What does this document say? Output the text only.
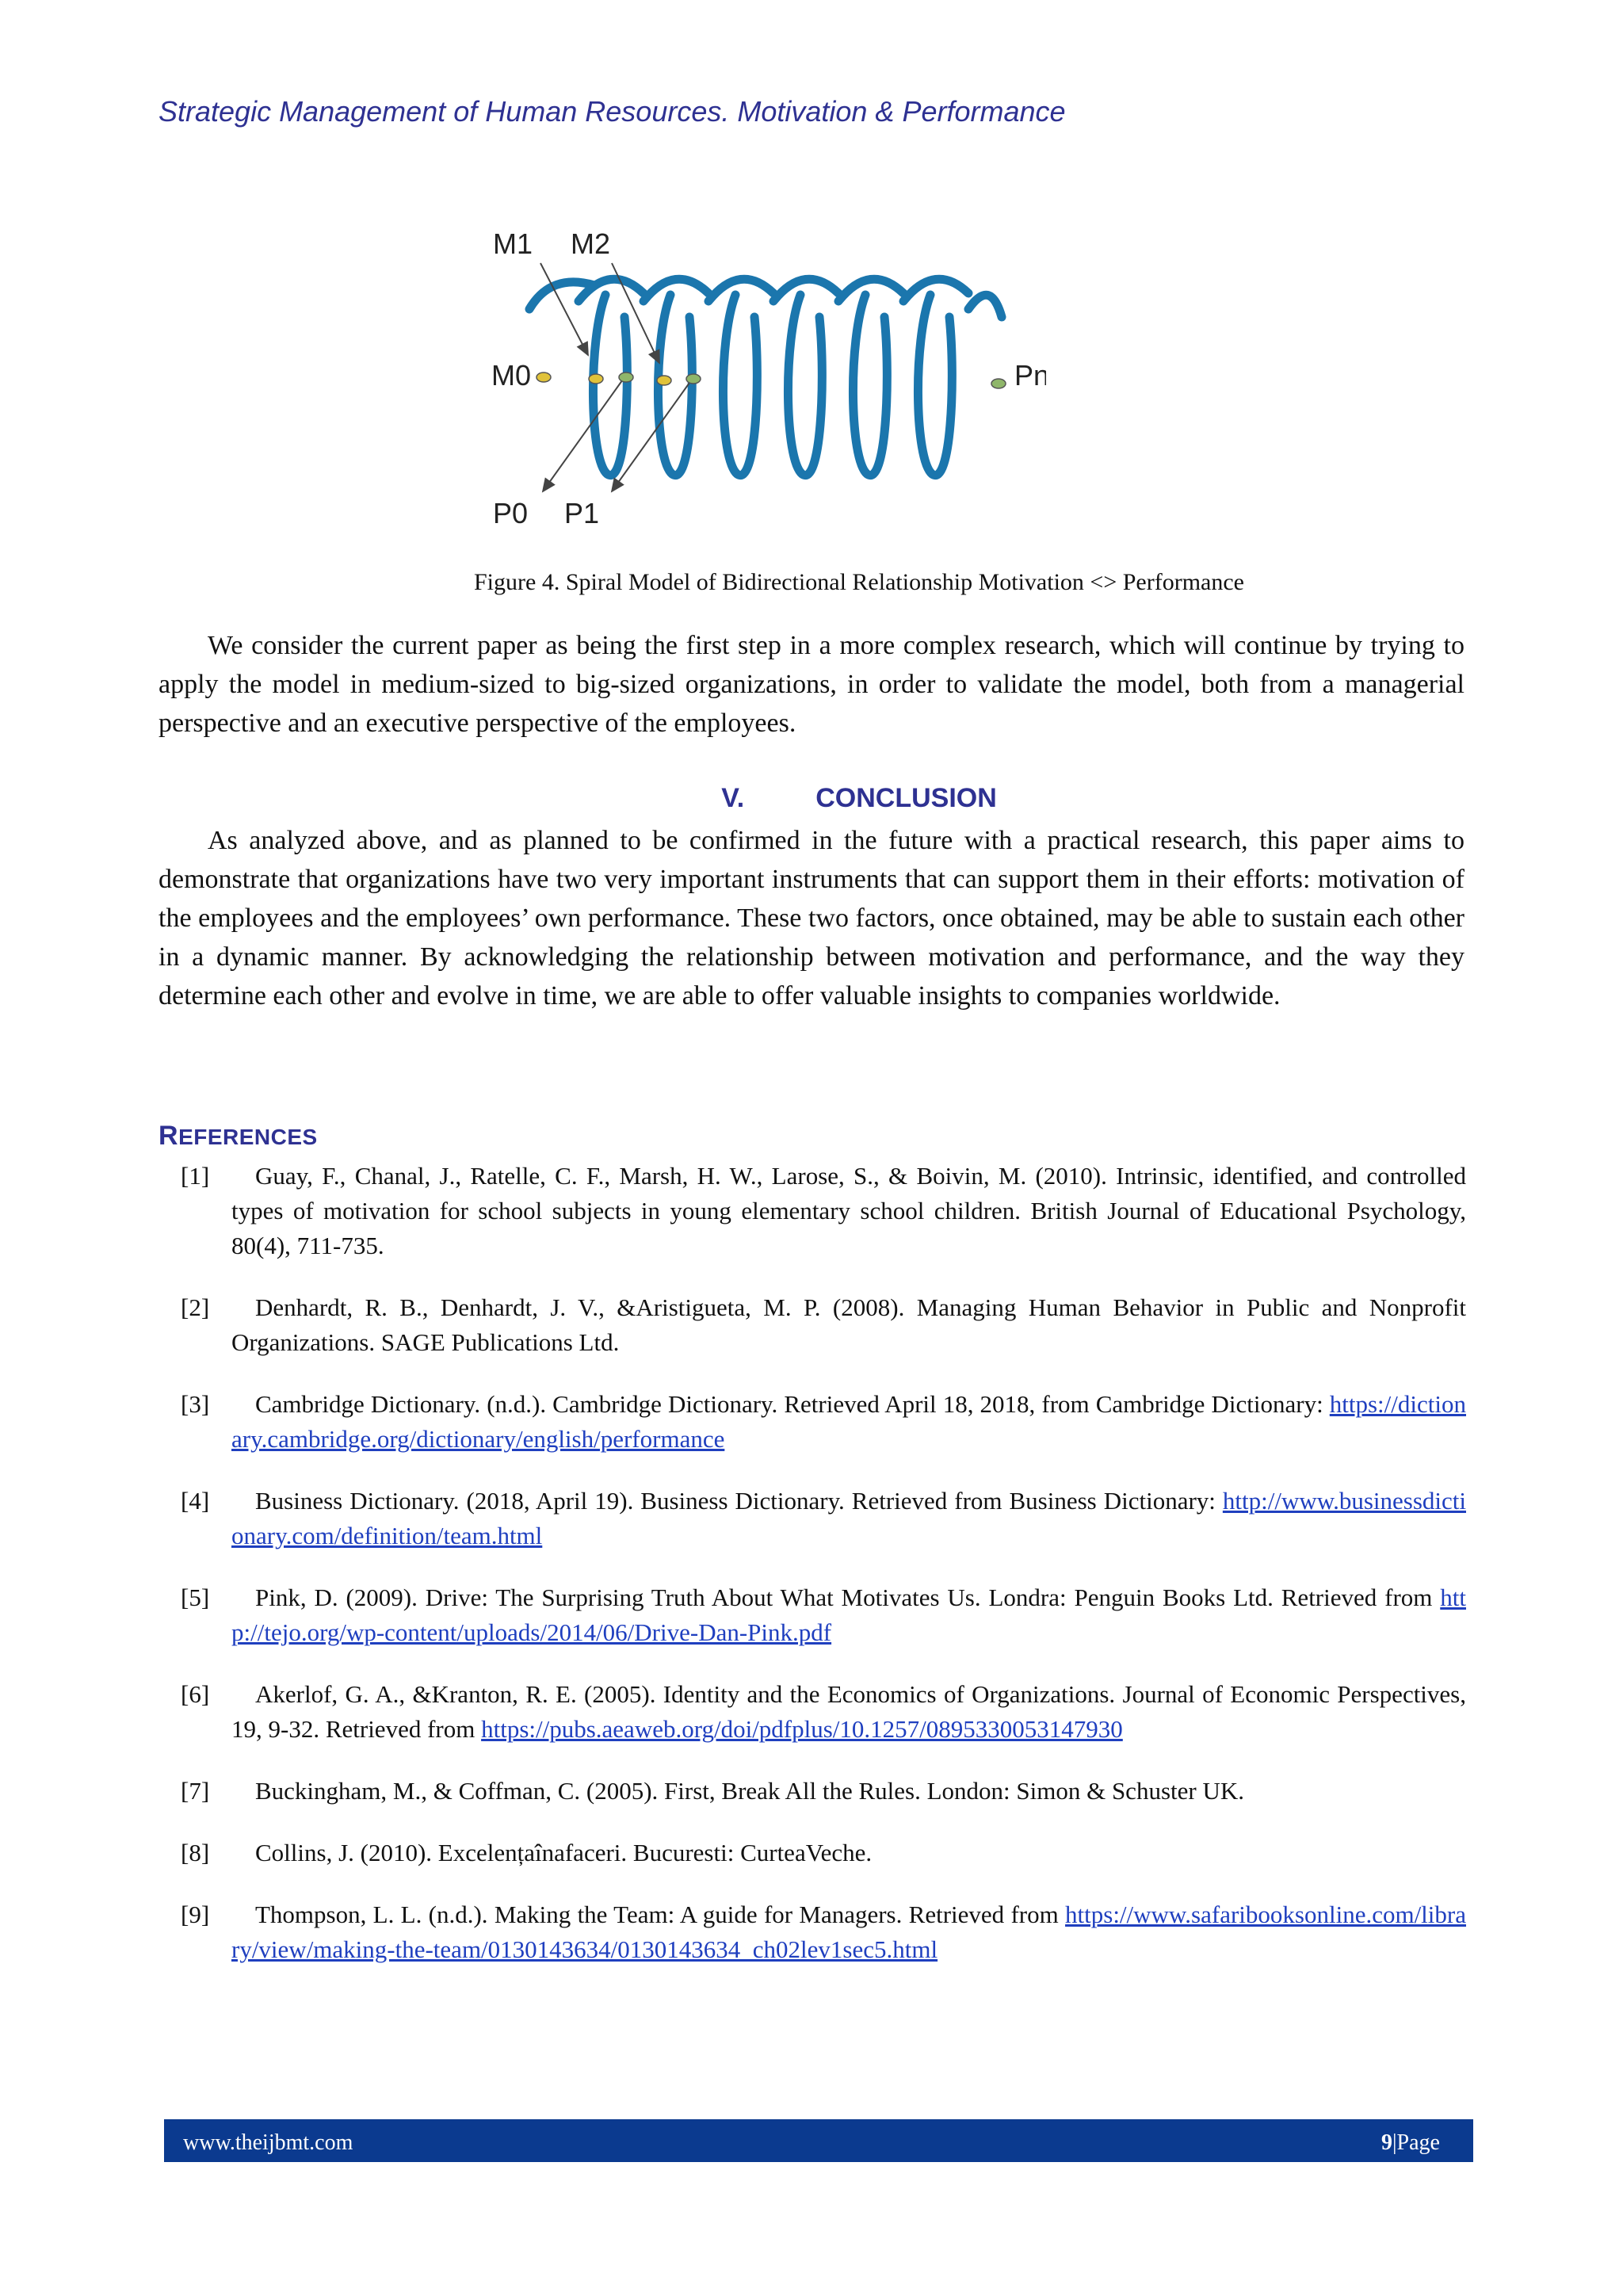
Strategic Management of Human Resources. Motivation & Performance
M1 M2
M0	Pn
P0 P1
Figure 4. Spiral Model of Bidirectional Relationship Motivation <> Performance

We consider the current paper as being the first step in a more complex research, which will continue by trying to apply the model in medium-sized to big-sized organizations, in order to validate the model, both from a managerial perspective and an executive perspective of the employees.

V.	CONCLUSION

As analyzed above, and as planned to be confirmed in the future with a practical research, this paper aims to demonstrate that organizations have two very important instruments that can support them in their efforts: motivation of the employees and the employees’ own performance. These two factors, once obtained, may be able to sustain each other in a dynamic manner. By acknowledging the relationship between motivation and performance, and the way they determine each other and evolve in time, we are able to offer valuable insights to companies worldwide.

REFERENCES
[1]	Guay, F., Chanal, J., Ratelle, C. F., Marsh, H. W., Larose, S., & Boivin, M. (2010). Intrinsic, identified, and controlled types of motivation for school subjects in young elementary school children. British Journal of Educational Psychology, 80(4), 711-735.
[2]	Denhardt, R. B., Denhardt, J. V., &Aristigueta, M. P. (2008). Managing Human Behavior in Public and Nonprofit Organizations. SAGE Publications Ltd.
[3]	Cambridge Dictionary. (n.d.). Cambridge Dictionary. Retrieved April 18, 2018, from Cambridge Dictionary: https://dictionary.cambridge.org/dictionary/english/performance
[4]	Business Dictionary. (2018, April 19). Business Dictionary. Retrieved from Business Dictionary: http://www.businessdictionary.com/definition/team.html
[5]	Pink, D. (2009). Drive: The Surprising Truth About What Motivates Us. Londra: Penguin Books Ltd. Retrieved from http://tejo.org/wp-content/uploads/2014/06/Drive-Dan-Pink.pdf
[6]	Akerlof, G. A., &Kranton, R. E. (2005). Identity and the Economics of Organizations. Journal of Economic Perspectives, 19, 9-32. Retrieved from https://pubs.aeaweb.org/doi/pdfplus/10.1257/0895330053147930
[7]	Buckingham, M., & Coffman, C. (2005). First, Break All the Rules. London: Simon & Schuster UK.
[8]	Collins, J. (2010). Excelențaînafaceri. Bucuresti: CurteaVeche.
[9]	Thompson, L. L. (n.d.). Making the Team: A guide for Managers. Retrieved from https://www.safaribooksonline.com/library/view/making-the-team/0130143634/0130143634_ch02lev1sec5.html
www.theijbmt.com	9|Page
